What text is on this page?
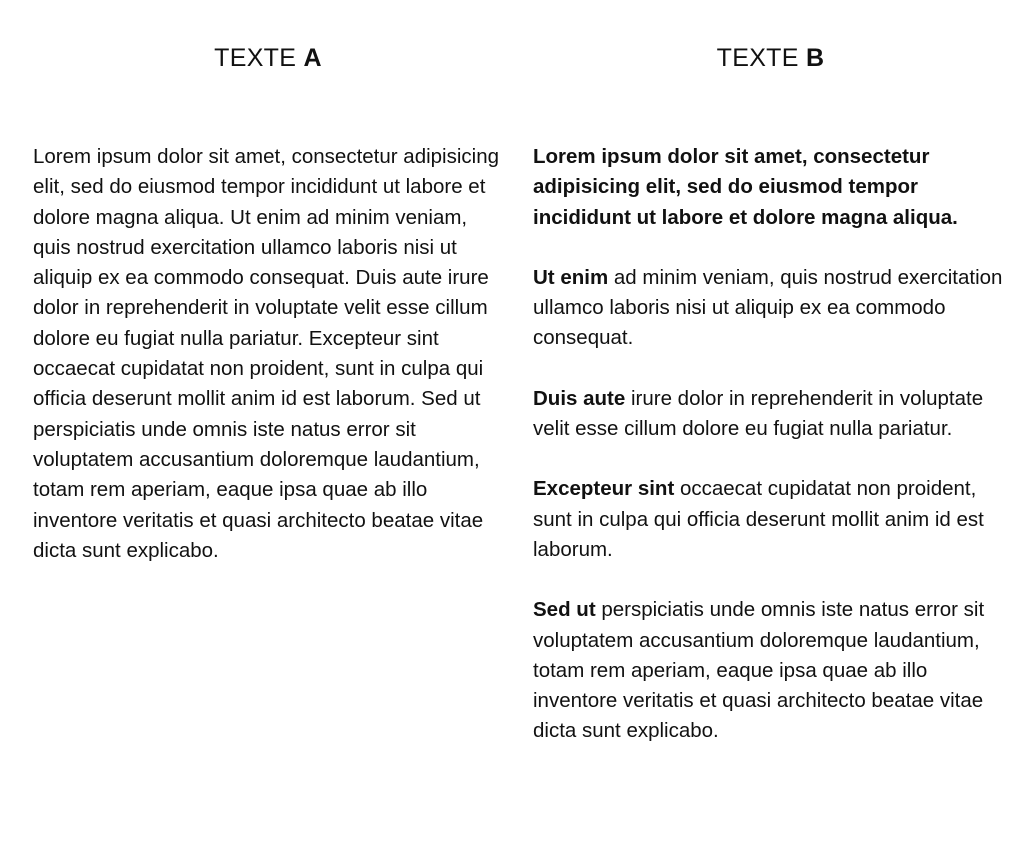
TEXTE A

Lorem ipsum dolor sit amet, consectetur adipisicing elit, sed do eiusmod tempor incididunt ut labore et dolore magna aliqua. Ut enim ad minim veniam, quis nostrud exercitation ullamco laboris nisi ut aliquip ex ea commodo consequat. Duis aute irure dolor in reprehenderit in voluptate velit esse cillum dolore eu fugiat nulla pariatur. Excepteur sint occaecat cupidatat non proident, sunt in culpa qui officia deserunt mollit anim id est laborum. Sed ut perspiciatis unde omnis iste natus error sit voluptatem accusantium doloremque laudantium, totam rem aperiam, eaque ipsa quae ab illo inventore veritatis et quasi architecto beatae vitae dicta sunt explicabo.

TEXTE B

Lorem ipsum dolor sit amet, consectetur adipisicing elit, sed do eiusmod tempor incididunt ut labore et dolore magna aliqua.

Ut enim ad minim veniam, quis nostrud exercitation ullamco laboris nisi ut aliquip ex ea commodo consequat.

Duis aute irure dolor in reprehenderit in voluptate velit esse cillum dolore eu fugiat nulla pariatur.

Excepteur sint occaecat cupidatat non proident, sunt in culpa qui officia deserunt mollit anim id est laborum.

Sed ut perspiciatis unde omnis iste natus error sit voluptatem accusantium doloremque laudantium, totam rem aperiam, eaque ipsa quae ab illo inventore veritatis et quasi architecto beatae vitae dicta sunt explicabo.
